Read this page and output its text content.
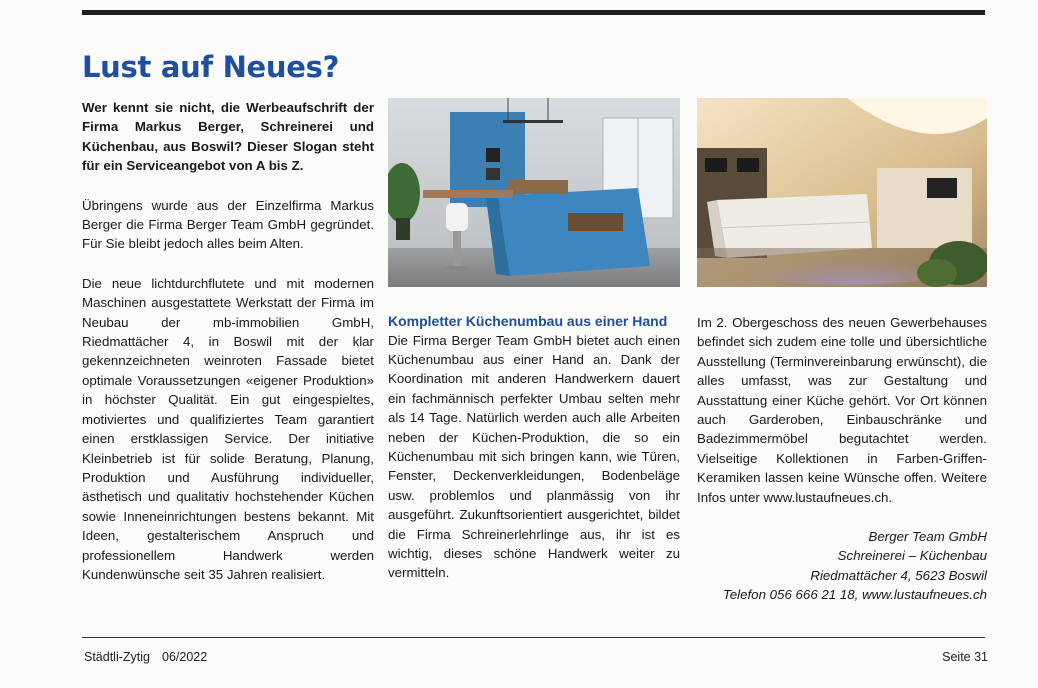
Lust auf Neues?

Wer kennt sie nicht, die Werbeaufschrift der Firma Markus Berger, Schreinerei und Küchenbau, aus Boswil? Dieser Slogan steht für ein Serviceangebot von A bis Z.

Übringens wurde aus der Einzelfirma Markus Berger die Firma Berger Team GmbH gegründet. Für Sie bleibt jedoch alles beim Alten.

Die neue lichtdurchflutete und mit modernen Maschinen ausgestattete Werkstatt der Firma im Neubau der mb-immobilien GmbH, Riedmattächer 4, in Boswil mit der klar gekennzeichneten weinroten Fassade bietet optimale Voraussetzungen «eigener Produktion» in höchster Qualität. Ein gut eingespieltes, motiviertes und qualifiziertes Team garantiert einen erstklassigen Service. Der initiative Kleinbetrieb ist für solide Beratung, Planung, Produktion und Ausführung individueller, ästhetisch und qualitativ hochstehender Küchen sowie Inneneinrichtungen bestens bekannt. Mit Ideen, gestalterischem Anspruch und professionellem Handwerk werden Kundenwünsche seit 35 Jahren realisiert.

Kompletter Küchenumbau aus einer Hand

Die Firma Berger Team GmbH bietet auch einen Küchenumbau aus einer Hand an. Dank der Koordination mit anderen Handwerkern dauert ein fachmännisch perfekter Umbau selten mehr als 14 Tage. Natürlich werden auch alle Arbeiten neben der Küchen-Produktion, die so ein Küchenumbau mit sich bringen kann, wie Türen, Fenster, Deckenverkleidungen, Bodenbeläge usw. problemlos und planmässig von ihr ausgeführt. Zukunftsorientiert ausgerichtet, bildet die Firma Schreinerlehrlinge aus, ihr ist es wichtig, dieses schöne Handwerk weiter zu vermitteln.

Im 2. Obergeschoss des neuen Gewerbehauses befindet sich zudem eine tolle und übersichtliche Ausstellung (Terminvereinbarung erwünscht), die alles umfasst, was zur Gestaltung und Ausstattung einer Küche gehört. Vor Ort können auch Garderoben, Einbauschränke und Badezimmermöbel begutachtet werden. Vielseitige Kollektionen in Farben-Griffen-Keramiken lassen keine Wünsche offen. Weitere Infos unter www.lustaufneues.ch.

Berger Team GmbH
Schreinerei – Küchenbau
Riedmattächer 4, 5623 Boswil
Telefon 056 666 21 18, www.lustaufneues.ch
Städtli-Zytig 06/2022	Seite 31
